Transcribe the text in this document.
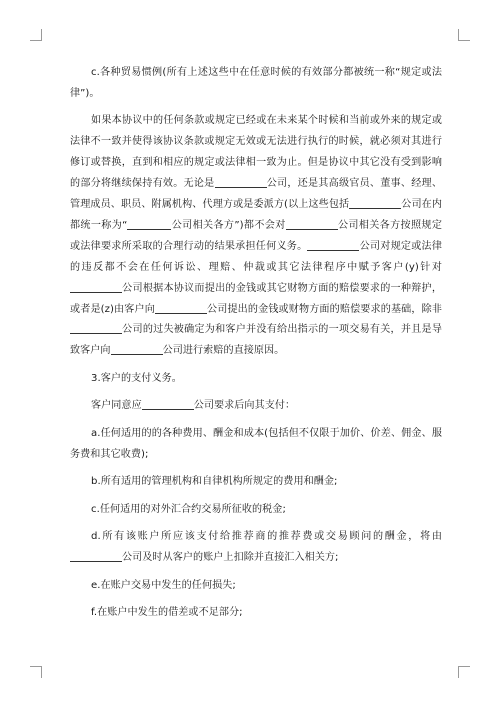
c.各种贸易惯例(所有上述这些中在任意时候的有效部分都被统一称“规定或法律”)。

如果本协议中的任何条款或规定已经或在未来某个时候和当前或外来的规定或法律不一致并使得该协议条款或规定无效或无法进行执行的时候，就必须对其进行修订或替换，直到和相应的规定或法律相一致为止。但是协议中其它没有受到影响的部分将继续保持有效。无论是	公司，还是其高级官员、董事、经理、管理成员、职员、附属机构、代理方或是委派方(以上这些包括	公司在内都统一称为“	公司相关各方”)都不会对	公司相关各方按照规定或法律要求所采取的合理行动的结果承担任何义务。	公司对规定或法律的违反都不会在任何诉讼、理赔、仲裁或其它法律程序中赋予客户(y)针对公司根据本协议而提出的金钱或其它财物方面的赔偿要求的一种辩护，或者是(z)由客户向	公司提出的金钱或财物方面的赔偿要求的基础，除非公司的过失被确定为和客户并没有给出指示的一项交易有关，并且是导致客户向	公司进行索赔的直接原因。

3.客户的支付义务。

客户同意应	公司要求后向其支付：

a.任何适用的的各种费用、酬金和成本(包括但不仅限于加价、价差、佣金、服务费和其它收费);

b.所有适用的管理机构和自律机构所规定的费用和酬金;

c.任何适用的对外汇合约交易所征收的税金;

d.所有该账户所应该支付给推荐商的推荐费或交易顾问的酬金，将由公司及时从客户的账户上扣除并直接汇入相关方;

e.在账户交易中发生的任何损失;

f.在账户中发生的借差或不足部分;
